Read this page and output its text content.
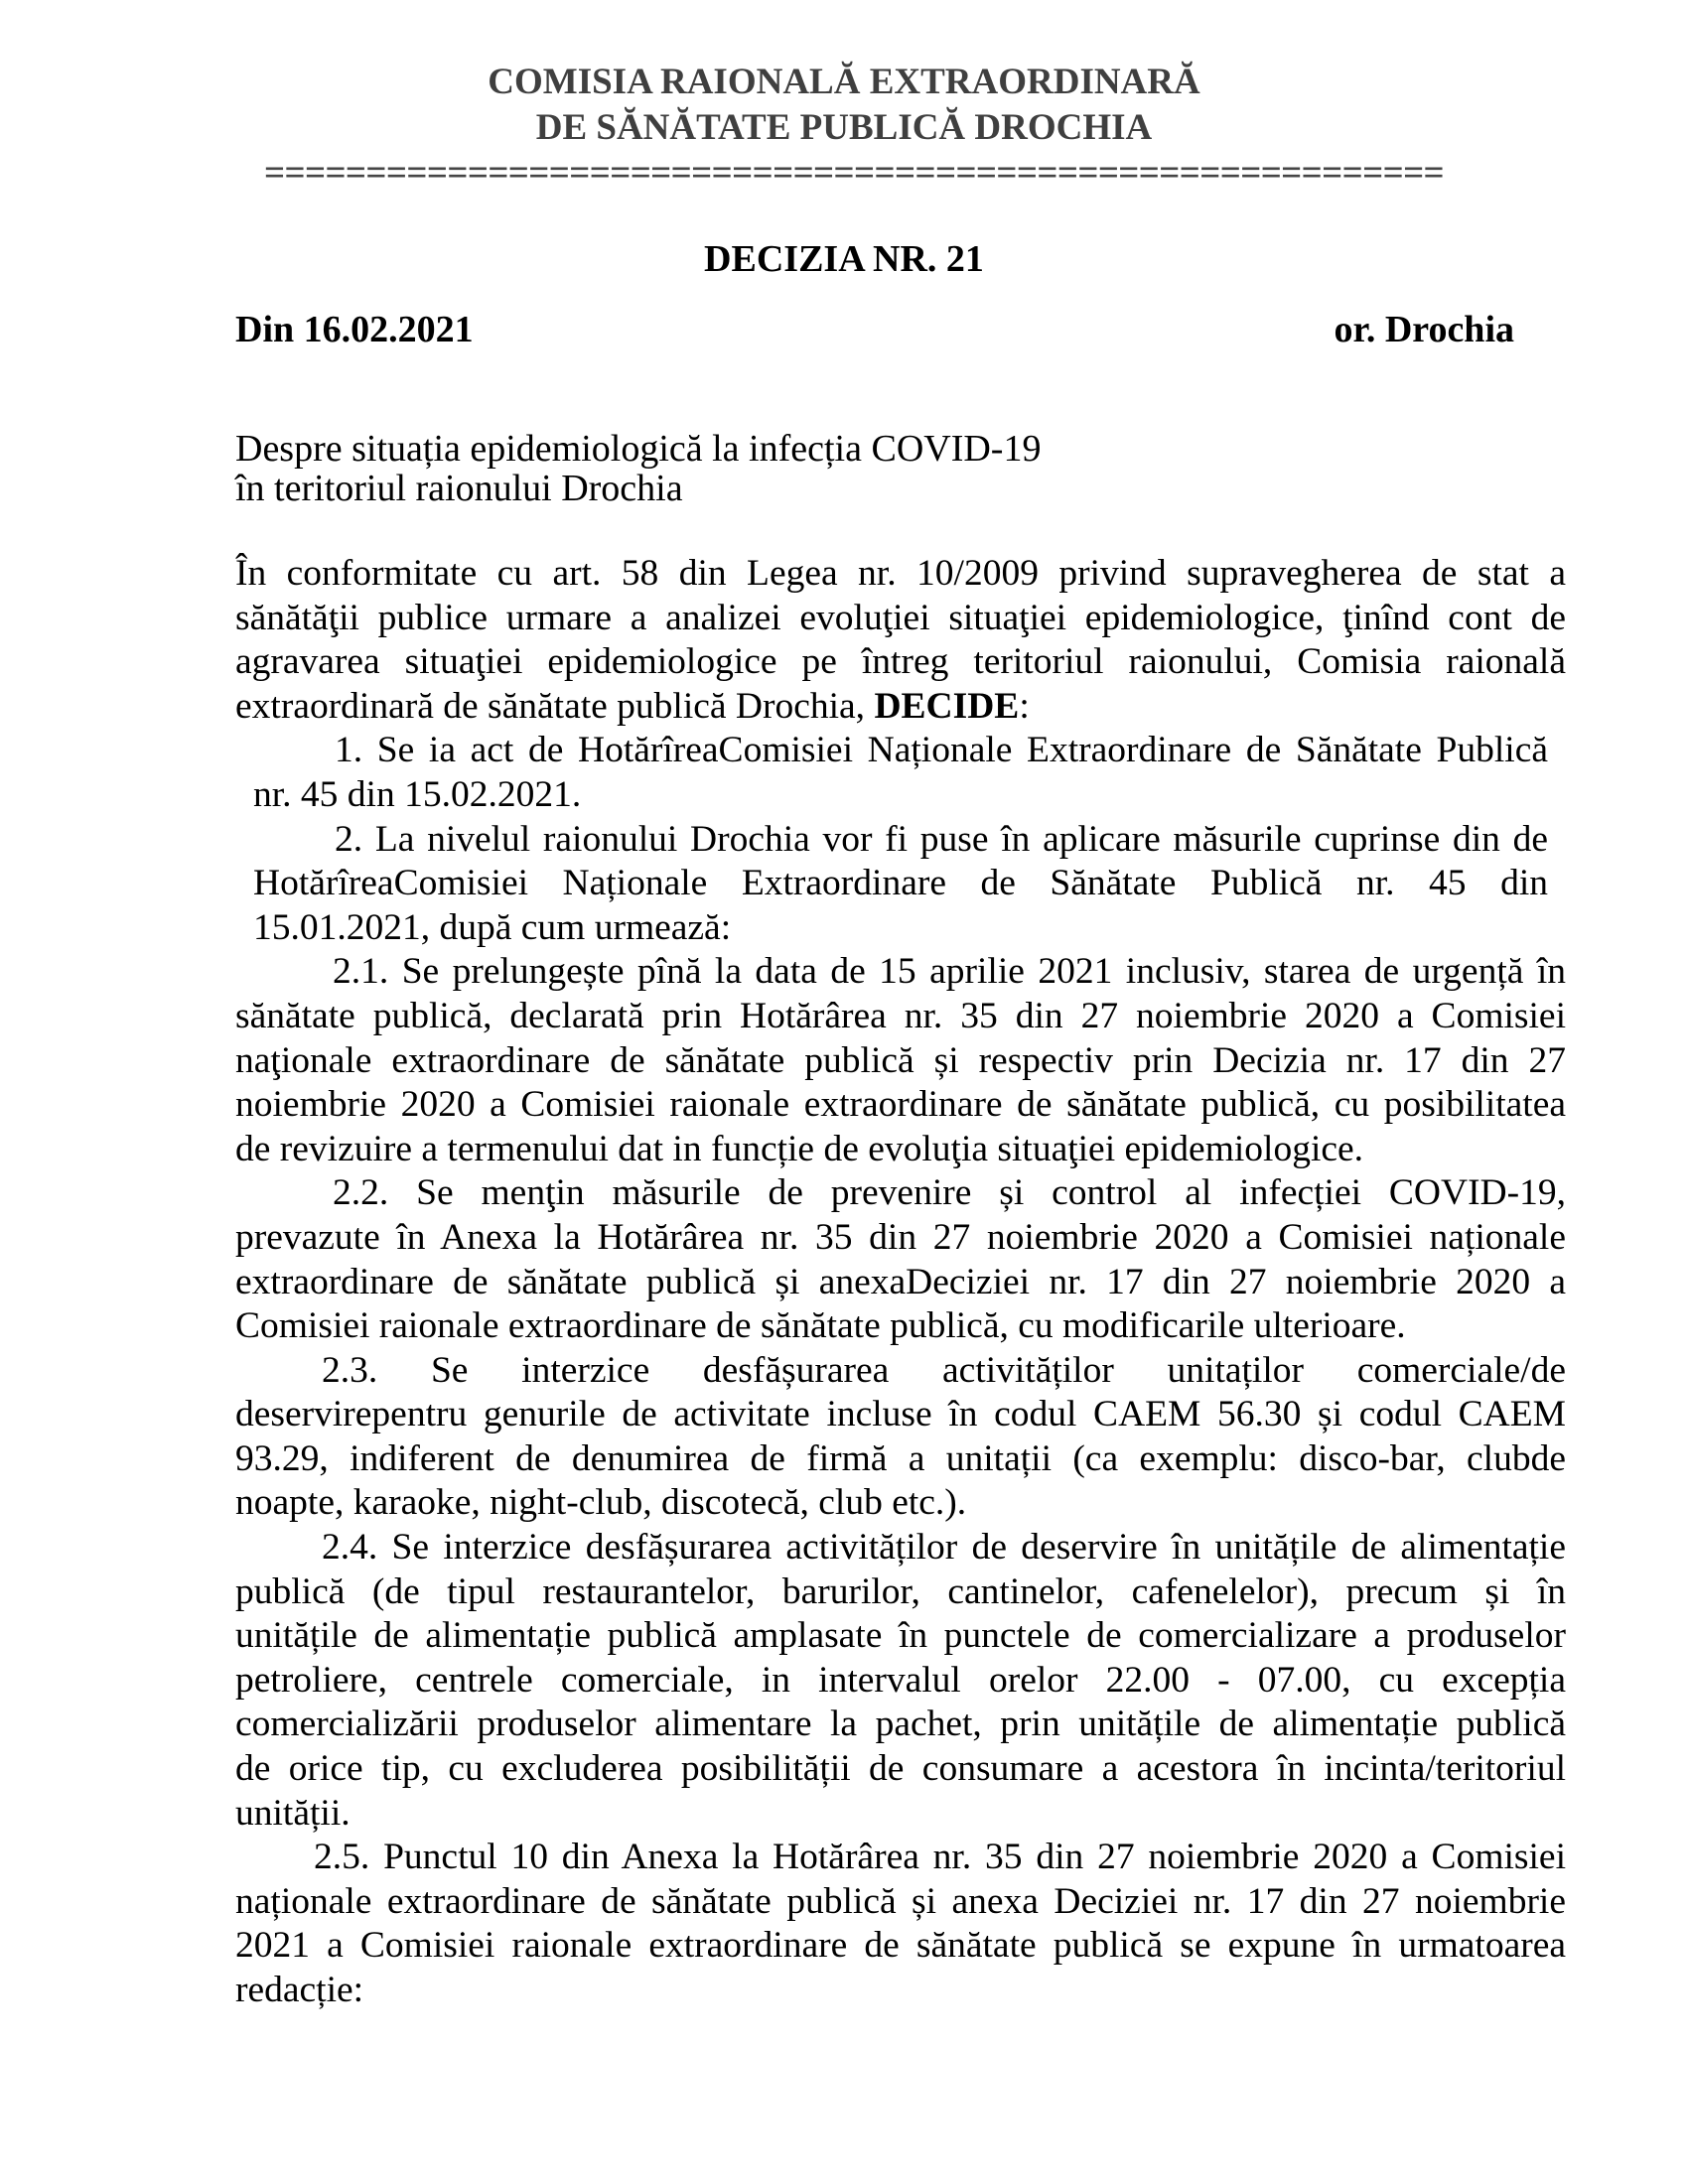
COMISIA RAIONALĂ EXTRAORDINARĂ
DE SĂNĂTATE PUBLICĂ DROCHIA
==========================================================
DECIZIA NR. 21
Din 16.02.2021	or. Drochia
Despre situația epidemiologică la infecția COVID-19
în teritoriul raionului Drochia
În conformitate cu art. 58 din Legea nr. 10/2009 privind supravegherea de stat a
sănătăţii publice urmare a analizei evoluţiei situaţiei epidemiologice, ţinînd cont de
agravarea situaţiei epidemiologice pe întreg teritoriul raionului, Comisia raională
extraordinară de sănătate publică Drochia, DECIDE:
1. Se ia act de HotărîreaComisiei Naționale Extraordinare de Sănătate Publică
nr. 45 din 15.02.2021.
2. La nivelul raionului Drochia vor fi puse în aplicare măsurile cuprinse din de
HotărîreaComisiei Naționale Extraordinare de Sănătate Publică nr. 45 din
15.01.2021, după cum urmează:
2.1. Se prelungește pînă la data de 15 aprilie 2021 inclusiv, starea de urgență în
sănătate publică, declarată prin Hotărârea nr. 35 din 27 noiembrie 2020 a Comisiei
naţionale extraordinare de sănătate publică și respectiv prin Decizia nr. 17 din 27
noiembrie 2020 a Comisiei raionale extraordinare de sănătate publică, cu posibilitatea
de revizuire a termenului dat in funcție de evoluţia situaţiei epidemiologice.
2.2. Se menţin măsurile de prevenire și control al infecției COVID-19,
prevazute în Anexa la Hotărârea nr. 35 din 27 noiembrie 2020 a Comisiei naționale
extraordinare de sănătate publică și anexaDeciziei nr. 17 din 27 noiembrie 2020 a
Comisiei raionale extraordinare de sănătate publică, cu modificarile ulterioare.
2.3. Se interzice desfășurarea activităților unitaților comerciale/de
deservirepentru genurile de activitate incluse în codul CAEM 56.30 și codul CAEM
93.29, indiferent de denumirea de firmă a unitații (ca exemplu: disco-bar, clubde
noapte, karaoke, night-club, discotecă, club etc.).
2.4. Se interzice desfășurarea activităților de deservire în unitățile de alimentație
publică (de tipul restaurantelor, barurilor, cantinelor, cafenelelor), precum și în
unitățile de alimentație publică amplasate în punctele de comercializare a produselor
petroliere, centrele comerciale, in intervalul orelor 22.00 - 07.00, cu excepția
comercializării produselor alimentare la pachet, prin unitățile de alimentație publică
de orice tip, cu excluderea posibilității de consumare a acestora în incinta/teritoriul
unității.
2.5. Punctul 10 din Anexa la Hotărârea nr. 35 din 27 noiembrie 2020 a Comisiei
naționale extraordinare de sănătate publică și anexa Deciziei nr. 17 din 27 noiembrie
2021 a Comisiei raionale extraordinare de sănătate publică se expune în urmatoarea
redacție:
